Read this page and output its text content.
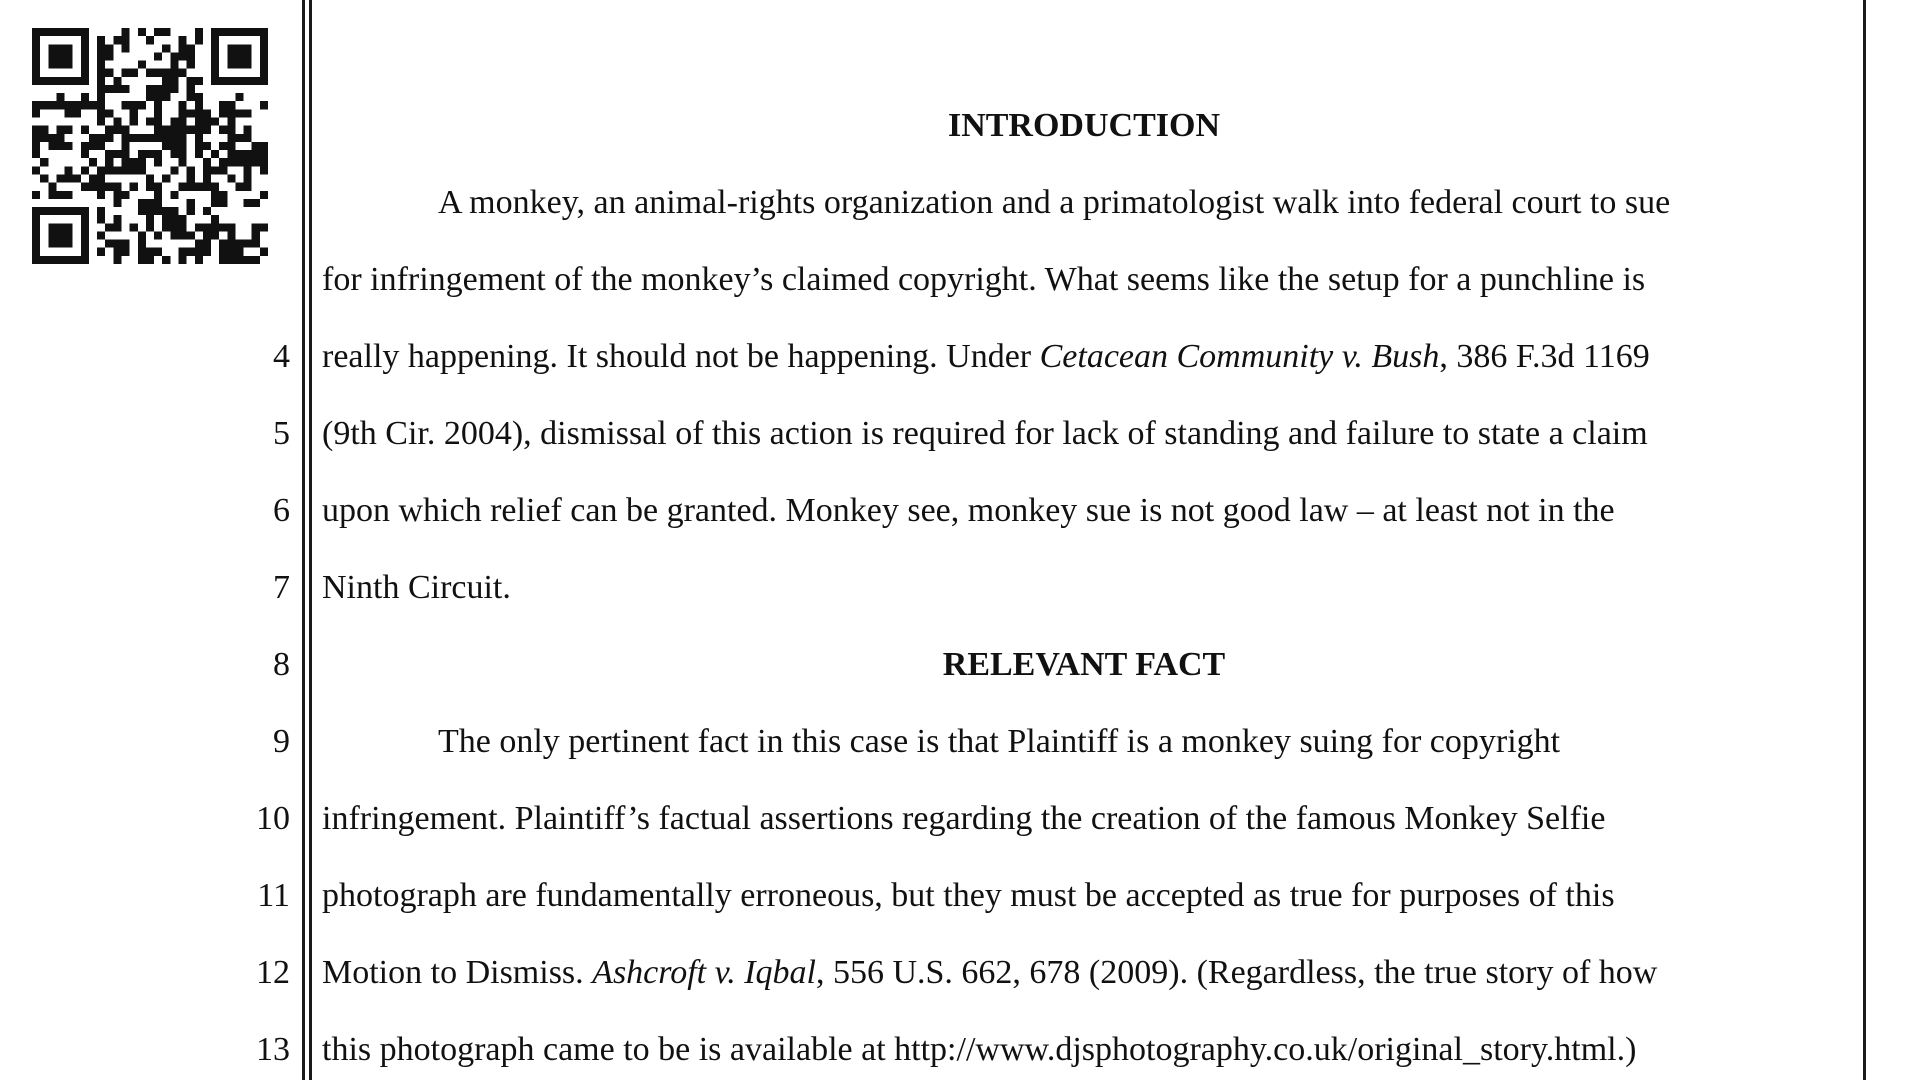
INTRODUCTION
A monkey, an animal-rights organization and a primatologist walk into federal court to sue
for infringement of the monkey’s claimed copyright. What seems like the setup for a punchline is
4 really happening. It should not be happening. Under Cetacean Community v. Bush, 386 F.3d 1169
5 (9th Cir. 2004), dismissal of this action is required for lack of standing and failure to state a claim
6 upon which relief can be granted. Monkey see, monkey sue is not good law – at least not in the
7 Ninth Circuit.
8	RELEVANT FACT
9	The only pertinent fact in this case is that Plaintiff is a monkey suing for copyright
10 infringement. Plaintiff’s factual assertions regarding the creation of the famous Monkey Selfie
11 photograph are fundamentally erroneous, but they must be accepted as true for purposes of this
12 Motion to Dismiss. Ashcroft v. Iqbal, 556 U.S. 662, 678 (2009). (Regardless, the true story of how
13 this photograph came to be is available at http://www.djsphotography.co.uk/original_story.html.)
